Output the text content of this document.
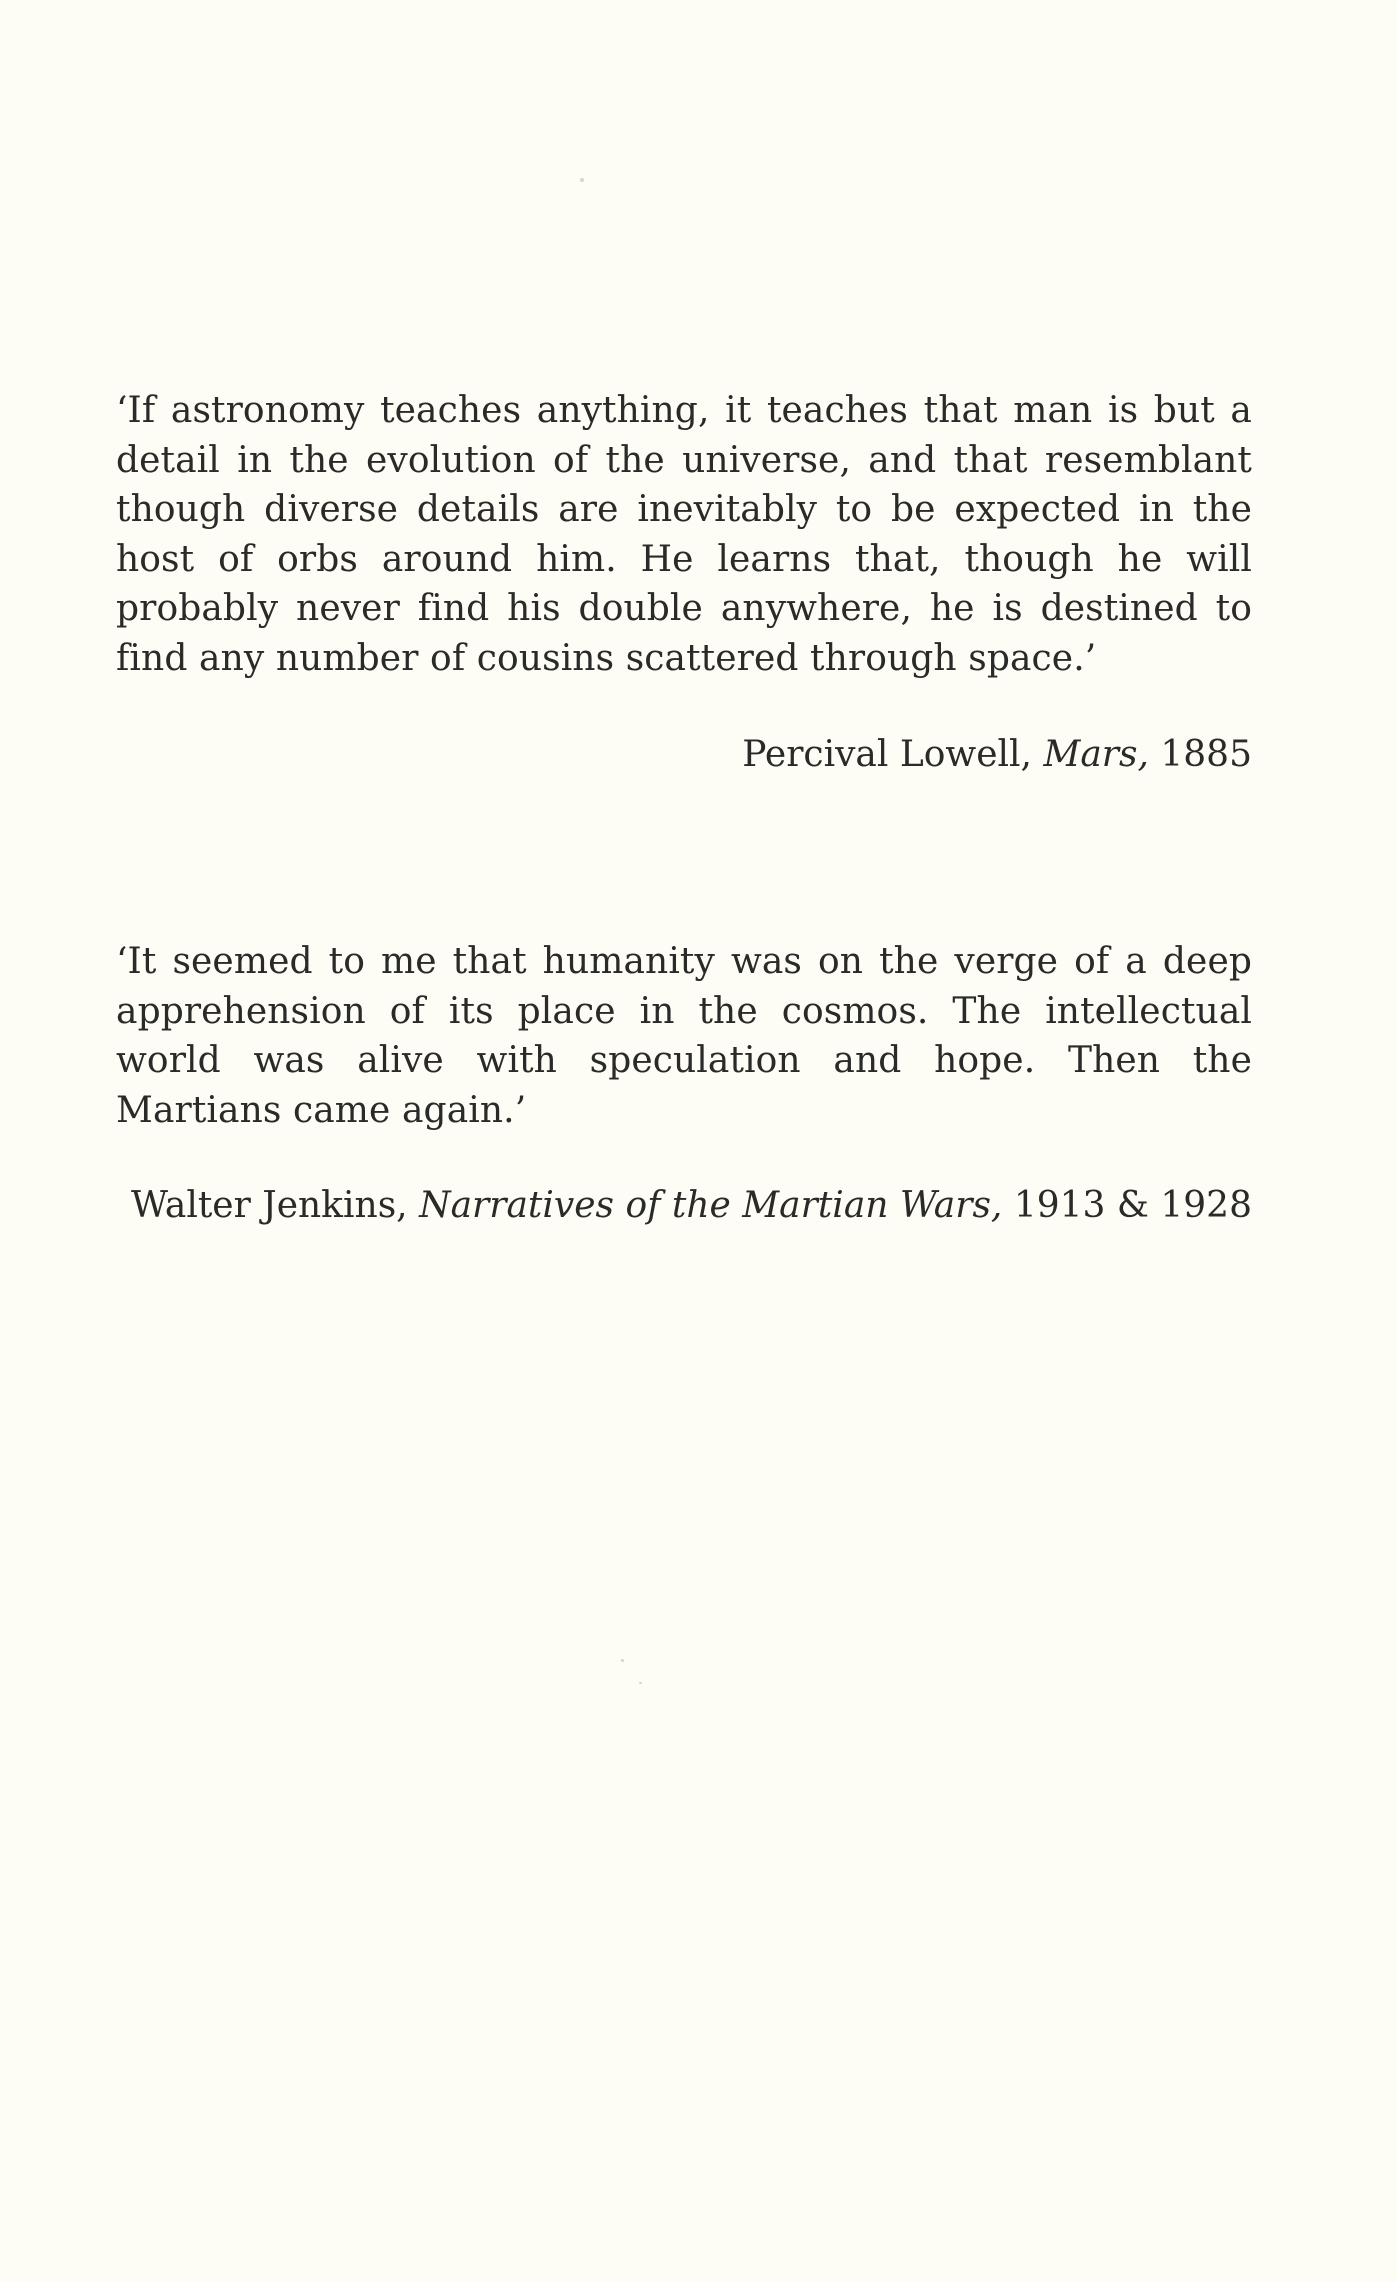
‘If astronomy teaches anything, it teaches that man is but a detail in the evolution of the universe, and that resemblant though diverse details are inevitably to be expected in the host of orbs around him. He learns that, though he will probably never find his double anywhere, he is destined to find any number of cousins scattered through space.’

Percival Lowell, Mars, 1885

‘It seemed to me that humanity was on the verge of a deep apprehension of its place in the cosmos. The intellectual world was alive with speculation and hope. Then the Martians came again.’

Walter Jenkins, Narratives of the Martian Wars, 1913 & 1928
